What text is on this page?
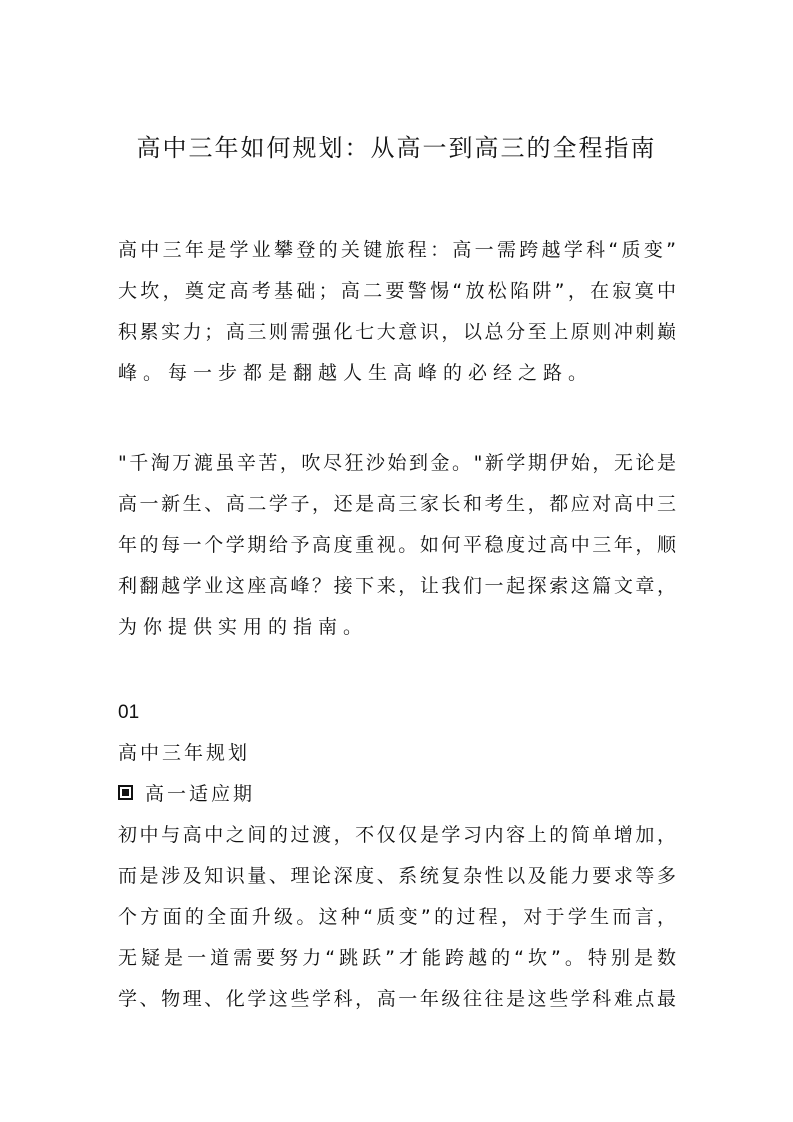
高中三年如何规划：从高一到高三的全程指南
高中三年是学业攀登的关键旅程：高一需跨越学科“质变”
大坎，奠定高考基础；高二要警惕“放松陷阱”，在寂寞中
积累实力；高三则需强化七大意识，以总分至上原则冲刺巅
峰。每一步都是翻越人生高峰的必经之路。
"千淘万漉虽辛苦，吹尽狂沙始到金。"新学期伊始，无论是
高一新生、高二学子，还是高三家长和考生，都应对高中三
年的每一个学期给予高度重视。如何平稳度过高中三年，顺
利翻越学业这座高峰？接下来，让我们一起探索这篇文章，
为你提供实用的指南。
01
高中三年规划
高一适应期
初中与高中之间的过渡，不仅仅是学习内容上的简单增加，
而是涉及知识量、理论深度、系统复杂性以及能力要求等多
个方面的全面升级。这种“质变”的过程，对于学生而言，
无疑是一道需要努力“跳跃”才能跨越的“坎”。特别是数
学、物理、化学这些学科，高一年级往往是这些学科难点最
